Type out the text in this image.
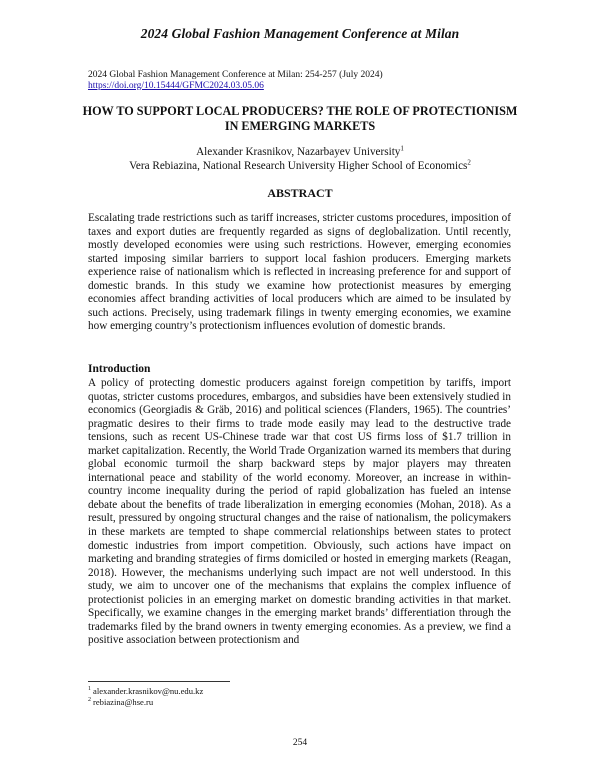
2024 Global Fashion Management Conference at Milan
2024 Global Fashion Management Conference at Milan: 254-257 (July 2024)
https://doi.org/10.15444/GFMC2024.03.05.06
HOW TO SUPPORT LOCAL PRODUCERS? THE ROLE OF PROTECTIONISM IN EMERGING MARKETS
Alexander Krasnikov, Nazarbayev University$^1$
Vera Rebiazina, National Research University Higher School of Economics$^2$
ABSTRACT

Escalating trade restrictions such as tariff increases, stricter customs procedures, imposition of taxes and export duties are frequently regarded as signs of deglobalization. Until recently, mostly developed economies were using such restrictions. However, emerging economies started imposing similar barriers to support local fashion producers. Emerging markets experience raise of nationalism which is reflected in increasing preference for and support of domestic brands. In this study we examine how protectionist measures by emerging economies affect branding activities of local producers which are aimed to be insulated by such actions. Precisely, using trademark filings in twenty emerging economies, we examine how emerging country’s protectionism influences evolution of domestic brands.

Introduction

A policy of protecting domestic producers against foreign competition by tariffs, import quotas, stricter customs procedures, embargos, and subsidies have been extensively studied in economics (Georgiadis & Gräb, 2016) and political sciences (Flanders, 1965). The countries’ pragmatic desires to their firms to trade mode easily may lead to the destructive trade tensions, such as recent US-Chinese trade war that cost US firms loss of $1.7 trillion in market capitalization. Recently, the World Trade Organization warned its members that during global economic turmoil the sharp backward steps by major players may threaten international peace and stability of the world economy. Moreover, an increase in within-country income inequality during the period of rapid globalization has fueled an intense debate about the benefits of trade liberalization in emerging economies (Mohan, 2018). As a result, pressured by ongoing structural changes and the raise of nationalism, the policymakers in these markets are tempted to shape commercial relationships between states to protect domestic industries from import competition. Obviously, such actions have impact on marketing and branding strategies of firms domiciled or hosted in emerging markets (Reagan, 2018). However, the mechanisms underlying such impact are not well understood. In this study, we aim to uncover one of the mechanisms that explains the complex influence of protectionist policies in an emerging market on domestic branding activities in that market. Specifically, we examine changes in the emerging market brands’ differentiation through the trademarks filed by the brand owners in twenty emerging economies. As a preview, we find a positive association between protectionism and

$^1$ alexander.krasnikov@nu.edu.kz
$^2$ rebiazina@hse.ru
254
